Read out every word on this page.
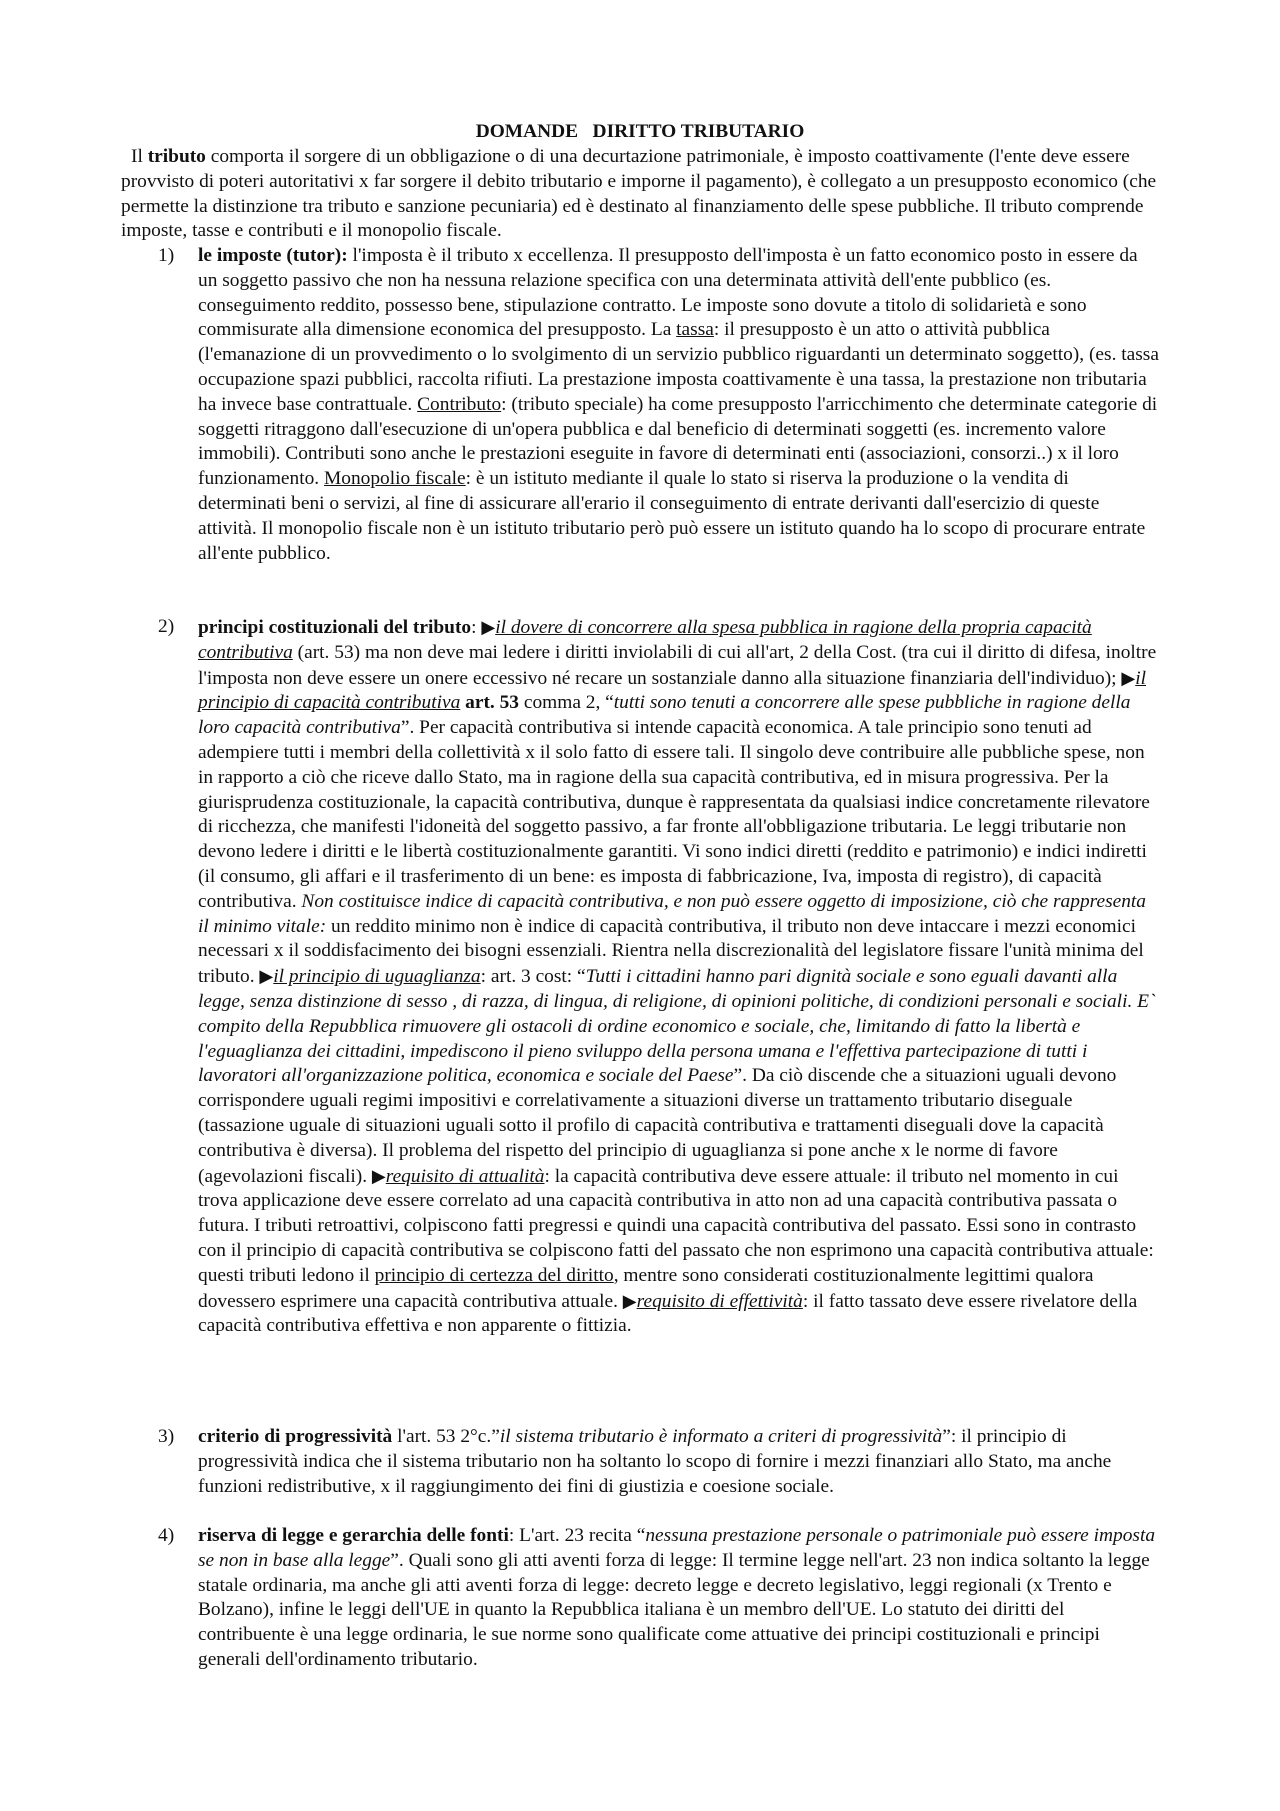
DOMANDE   DIRITTO TRIBUTARIO

Il tributo comporta il sorgere di un obbligazione o di una decurtazione patrimoniale, è imposto coattivamente (l'ente deve essere provvisto di poteri autoritativi x far sorgere il debito tributario e imporne il pagamento), è collegato a un presupposto economico (che permette la distinzione tra tributo e sanzione pecuniaria) ed è destinato al finanziamento delle spese pubbliche. Il tributo comprende imposte, tasse e contributi e il monopolio fiscale.

1) le imposte (tutor): l'imposta è il tributo x eccellenza. Il presupposto dell'imposta è un fatto economico posto in essere da un soggetto passivo che non ha nessuna relazione specifica con una determinata attività dell'ente pubblico (es. conseguimento reddito, possesso bene, stipulazione contratto. Le imposte sono dovute a titolo di solidarietà e sono commisurate alla dimensione economica del presupposto. La tassa: il presupposto è un atto o attività pubblica (l'emanazione di un provvedimento o lo svolgimento di un servizio pubblico riguardanti un determinato soggetto), (es. tassa occupazione spazi pubblici, raccolta rifiuti. La prestazione imposta coattivamente è una tassa, la prestazione non tributaria ha invece base contrattuale. Contributo: (tributo speciale) ha come presupposto l'arricchimento che determinate categorie di soggetti ritraggono dall'esecuzione di un'opera pubblica e dal beneficio di determinati soggetti (es. incremento valore immobili). Contributi sono anche le prestazioni eseguite in favore di determinati enti (associazioni, consorzi..) x il loro funzionamento. Monopolio fiscale: è un istituto mediante il quale lo stato si riserva la produzione o la vendita di determinati beni o servizi, al fine di assicurare all'erario il conseguimento di entrate derivanti dall'esercizio di queste attività. Il monopolio fiscale non è un istituto tributario però può essere un istituto quando ha lo scopo di procurare entrate all'ente pubblico.

2) principi costituzionali del tributo: ▶il dovere di concorrere alla spesa pubblica in ragione della propria capacità contributiva (art. 53) ma non deve mai ledere i diritti inviolabili di cui all'art, 2 della Cost. (tra cui il diritto di difesa, inoltre l'imposta non deve essere un onere eccessivo né recare un sostanziale danno alla situazione finanziaria dell'individuo); ▶il principio di capacità contributiva art. 53 comma 2, “tutti sono tenuti a concorrere alle spese pubbliche in ragione della loro capacità contributiva”. Per capacità contributiva si intende capacità economica. A tale principio sono tenuti ad adempiere tutti i membri della collettività x il solo fatto di essere tali. Il singolo deve contribuire alle pubbliche spese, non in rapporto a ciò che riceve dallo Stato, ma in ragione della sua capacità contributiva, ed in misura progressiva. Per la giurisprudenza costituzionale, la capacità contributiva, dunque è rappresentata da qualsiasi indice concretamente rilevatore di ricchezza, che manifesti l'idoneità del soggetto passivo, a far fronte all'obbligazione tributaria. Le leggi tributarie non devono ledere i diritti e le libertà costituzionalmente garantiti. Vi sono indici diretti (reddito e patrimonio) e indici indiretti (il consumo, gli affari e il trasferimento di un bene: es imposta di fabbricazione, Iva, imposta di registro), di capacità contributiva. Non costituisce indice di capacità contributiva, e non può essere oggetto di imposizione, ciò che rappresenta il minimo vitale: un reddito minimo non è indice di capacità contributiva, il tributo non deve intaccare i mezzi economici necessari x il soddisfacimento dei bisogni essenziali. Rientra nella discrezionalità del legislatore fissare l'unità minima del tributo. ▶il principio di uguaglianza: art. 3 cost: “Tutti i cittadini hanno pari dignità sociale e sono eguali davanti alla legge, senza distinzione di sesso , di razza, di lingua, di religione, di opinioni politiche, di condizioni personali e sociali. E` compito della Repubblica rimuovere gli ostacoli di ordine economico e sociale, che, limitando di fatto la libertà e l'eguaglianza dei cittadini, impediscono il pieno sviluppo della persona umana e l'effettiva partecipazione di tutti i lavoratori all'organizzazione politica, economica e sociale del Paese”. Da ciò discende che a situazioni uguali devono corrispondere uguali regimi impositivi e correlativamente a situazioni diverse un trattamento tributario diseguale (tassazione uguale di situazioni uguali sotto il profilo di capacità contributiva e trattamenti diseguali dove la capacità contributiva è diversa). Il problema del rispetto del principio di uguaglianza si pone anche x le norme di favore (agevolazioni fiscali). ▶requisito di attualità: la capacità contributiva deve essere attuale: il tributo nel momento in cui trova applicazione deve essere correlato ad una capacità contributiva in atto non ad una capacità contributiva passata o futura. I tributi retroattivi, colpiscono fatti pregressi e quindi una capacità contributiva del passato. Essi sono in contrasto con il principio di capacità contributiva se colpiscono fatti del passato che non esprimono una capacità contributiva attuale: questi tributi ledono il principio di certezza del diritto, mentre sono considerati costituzionalmente legittimi qualora dovessero esprimere una capacità contributiva attuale. ▶requisito di effettività: il fatto tassato deve essere rivelatore della capacità contributiva effettiva e non apparente o fittizia.

3) criterio di progressività l'art. 53 2°c.”il sistema tributario è informato a criteri di progressività”: il principio di progressività indica che il sistema tributario non ha soltanto lo scopo di fornire i mezzi finanziari allo Stato, ma anche funzioni redistributive, x il raggiungimento dei fini di giustizia e coesione sociale.

4) riserva di legge e gerarchia delle fonti: L'art. 23 recita “nessuna prestazione personale o patrimoniale può essere imposta se non in base alla legge”. Quali sono gli atti aventi forza di legge: Il termine legge nell'art. 23 non indica soltanto la legge statale ordinaria, ma anche gli atti aventi forza di legge: decreto legge e decreto legislativo, leggi regionali (x Trento e Bolzano), infine le leggi dell'UE in quanto la Repubblica italiana è un membro dell'UE. Lo statuto dei diritti del contribuente è una legge ordinaria, le sue norme sono qualificate come attuative dei principi costituzionali e principi generali dell'ordinamento tributario.
